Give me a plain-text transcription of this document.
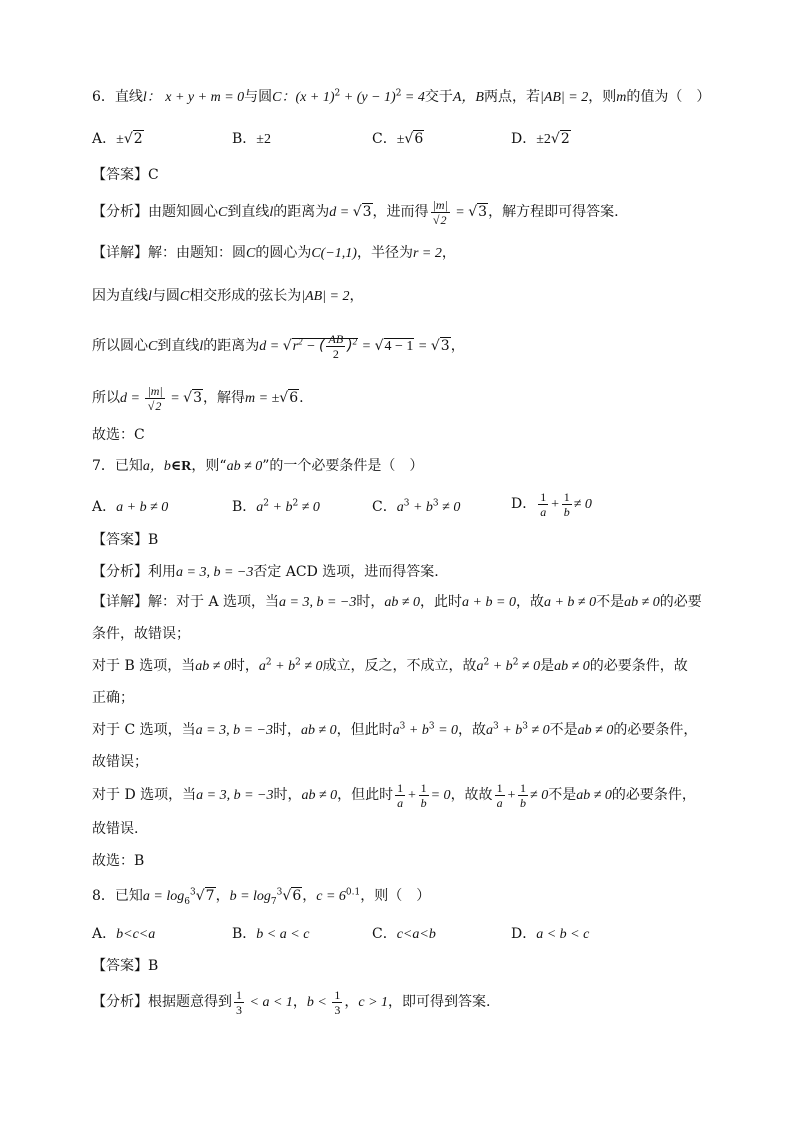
6．直线l： x + y + m = 0与圆C：$(x + 1)^2 + (y - 1)^2 = 4$交于A，B两点，若|AB| = 2，则m的值为（　）
A．±√2	B．±2	C．±√6	D．±2√2
【答案】C
【分析】由题知圆心C到直线l的距离为d = √3，进而得 $\frac{|m|}{√2} = √3$，解方程即可得答案.
【详解】解：由题知：圆C的圆心为C(−1,1)，半径为r = 2，
因为直线l与圆C相交形成的弦长为|AB| = 2，
所以圆心C到直线l的距离为$d = √r^2$ − ( $\frac{AB}{2} )^2 = √4 - 1 = √3$，
所以$d = \frac{|m|}{√2} = √3$，解得m = ±√6.
故选：C
7．已知a，b∈R，则“ab ≠ 0”的一个必要条件是（　）
A．a + b ≠ 0	B．$a^2 + b^2 \ne 0$	C．$a^3 + b^3 \ne 0$	D． $\frac{1}{a} + \frac{1}{b} \ne 0$
【答案】B
【分析】利用a = 3, b = −3否定 ACD 选项，进而得答案.
【详解】解：对于 A 选项，当a = 3, b = −3时，ab ≠ 0，此时a + b = 0，故a + b ≠ 0不是ab ≠ 0的必要
条件，故错误；
对于 B 选项，当ab ≠ 0时，$a^2 + b^2 \ne 0$成立，反之，不成立，故$a^2 + b^2 \ne 0$是ab ≠ 0的必要条件，故
正确；
对于 C 选项，当a = 3, b = −3时，ab ≠ 0，但此时$a^3 + b^3 = 0$，故$a^3 + b^3 \ne 0$不是ab ≠ 0的必要条件，
故错误；
对于 D 选项，当a = 3, b = −3时，ab ≠ 0，但此时 $\frac{1}{a} + \frac{1}{b} = 0$，故故 $\frac{1}{a} + \frac{1}{b} \ne 0$不是ab ≠ 0的必要条件，
故错误.
故选：B
8．已知$a = \log_6^3√7$，$b = \log_7^3√6$，$c = 6^{0.1}$，则（　）
A．b<c<a	B．b < a < c	C．c<a<b	D．a < b < c
【答案】B
【分析】根据题意得到 $\frac{1}{3} < a < 1$，$b < \frac{1}{3}$ ，c > 1，即可得到答案.
